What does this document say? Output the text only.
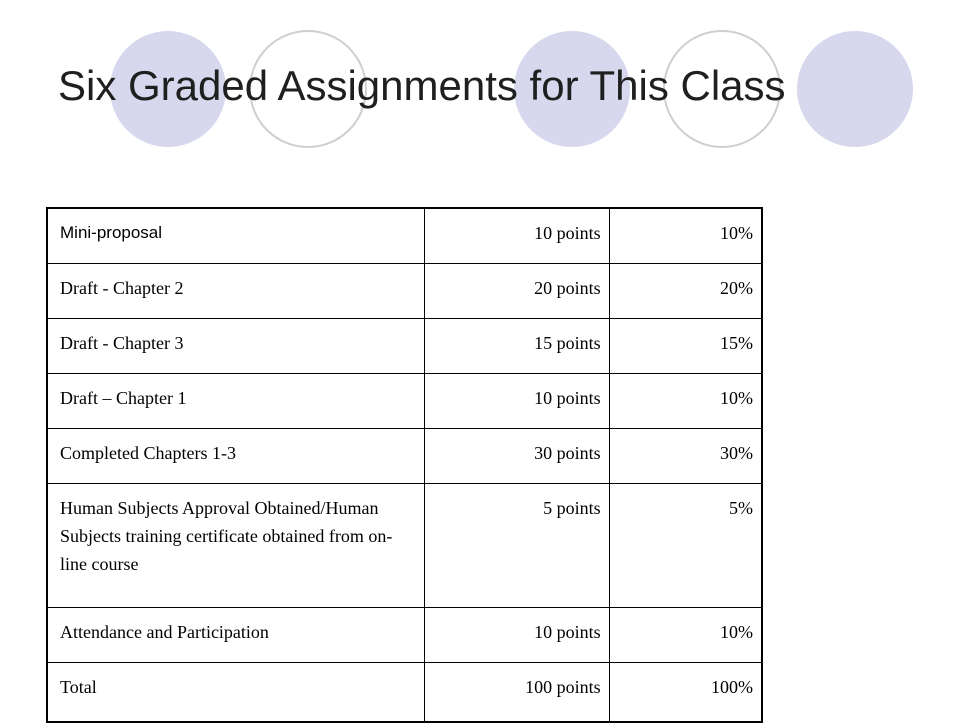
Six Graded Assignments for This Class
Mini-proposal	10 points	10%
Draft - Chapter 2	20 points	20%
Draft - Chapter 3	15 points	15%
Draft – Chapter 1	10 points	10%
Completed Chapters 1-3	30 points	30%
Human Subjects Approval Obtained/Human Subjects training certificate obtained from on-line course	5 points	5%
Attendance and Participation	10 points	10%
Total	100 points	100%
